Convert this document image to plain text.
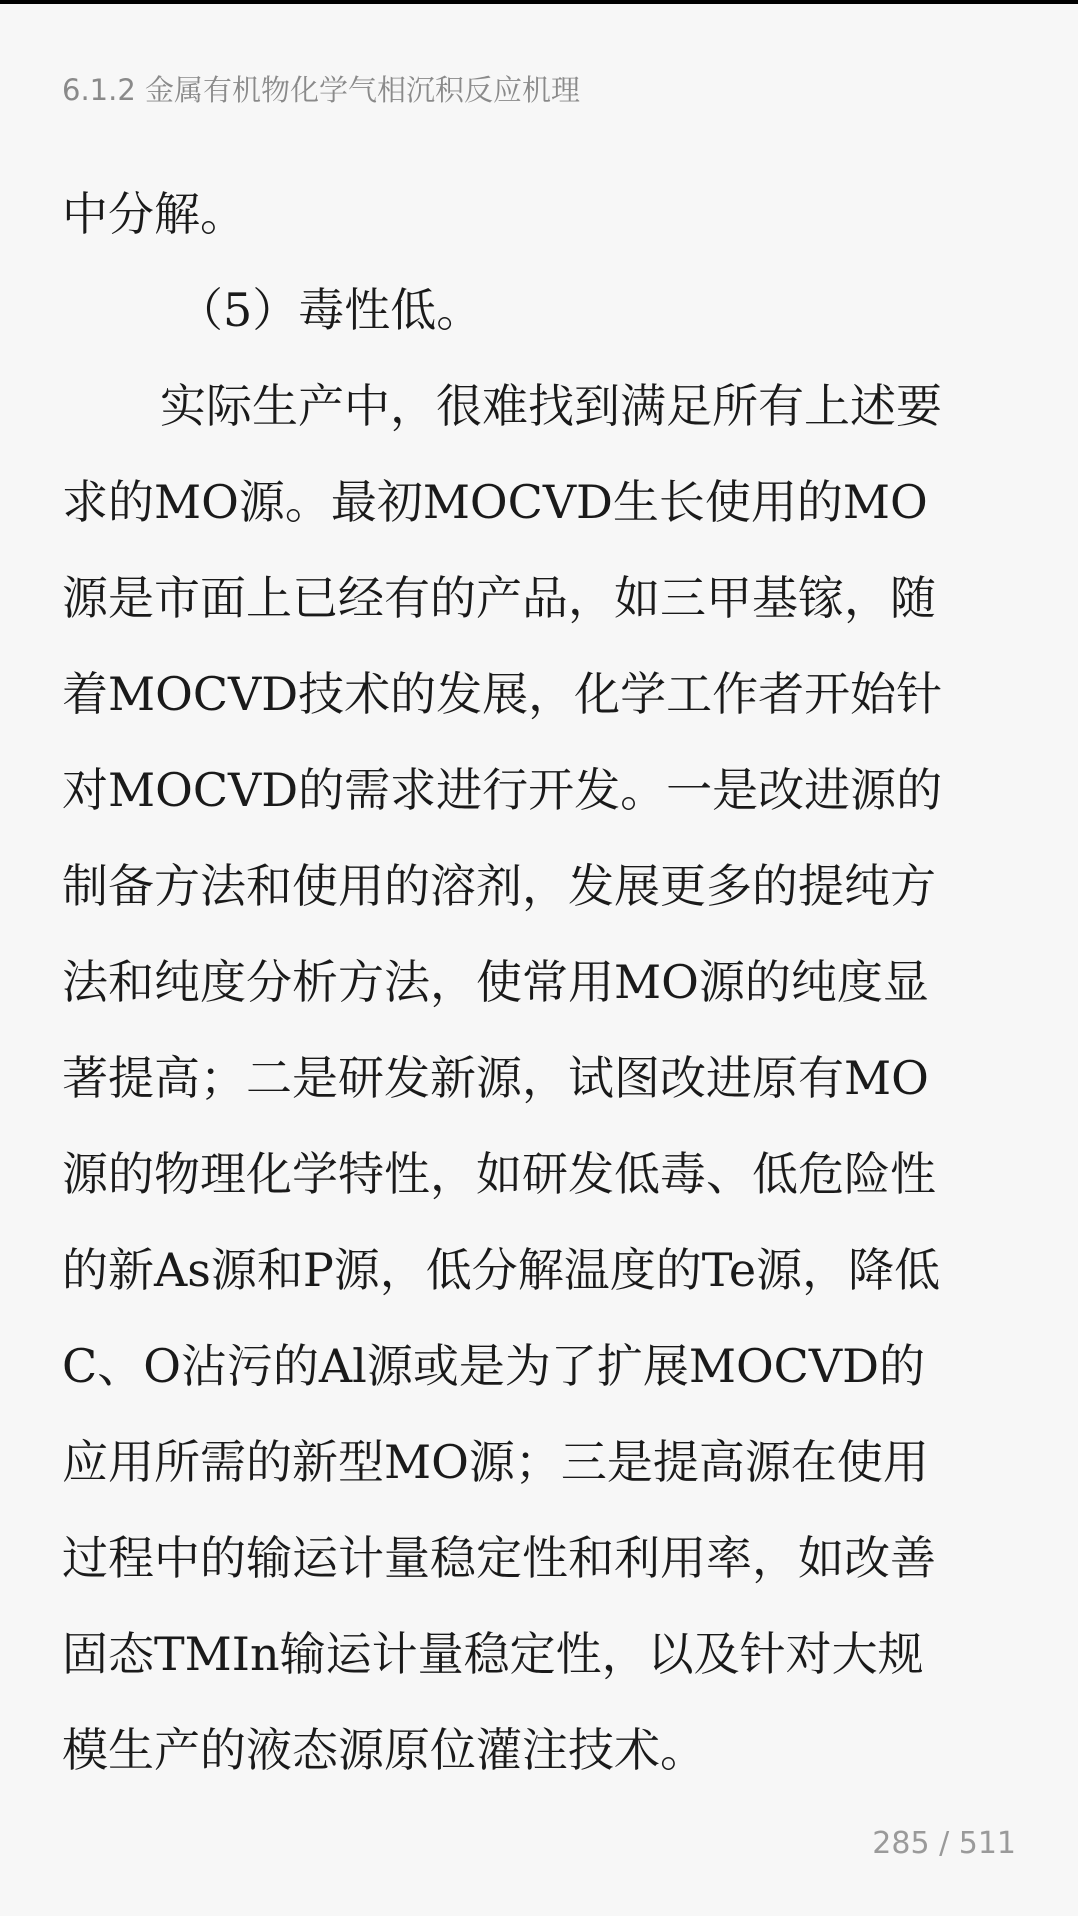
6.1.2 金属有机物化学气相沉积反应机理
中分解。
（5）毒性低。
实际生产中，很难找到满足所有上述要
求的MO源。最初MOCVD生长使用的MO
源是市面上已经有的产品，如三甲基镓，随
着MOCVD技术的发展，化学工作者开始针
对MOCVD的需求进行开发。一是改进源的
制备方法和使用的溶剂，发展更多的提纯方
法和纯度分析方法，使常用MO源的纯度显
著提高；二是研发新源，试图改进原有MO
源的物理化学特性，如研发低毒、低危险性
的新As源和P源，低分解温度的Te源，降低
C、O沾污的Al源或是为了扩展MOCVD的
应用所需的新型MO源；三是提高源在使用
过程中的输运计量稳定性和利用率，如改善
固态TMIn输运计量稳定性，以及针对大规
模生产的液态源原位灌注技术。
285 / 511
